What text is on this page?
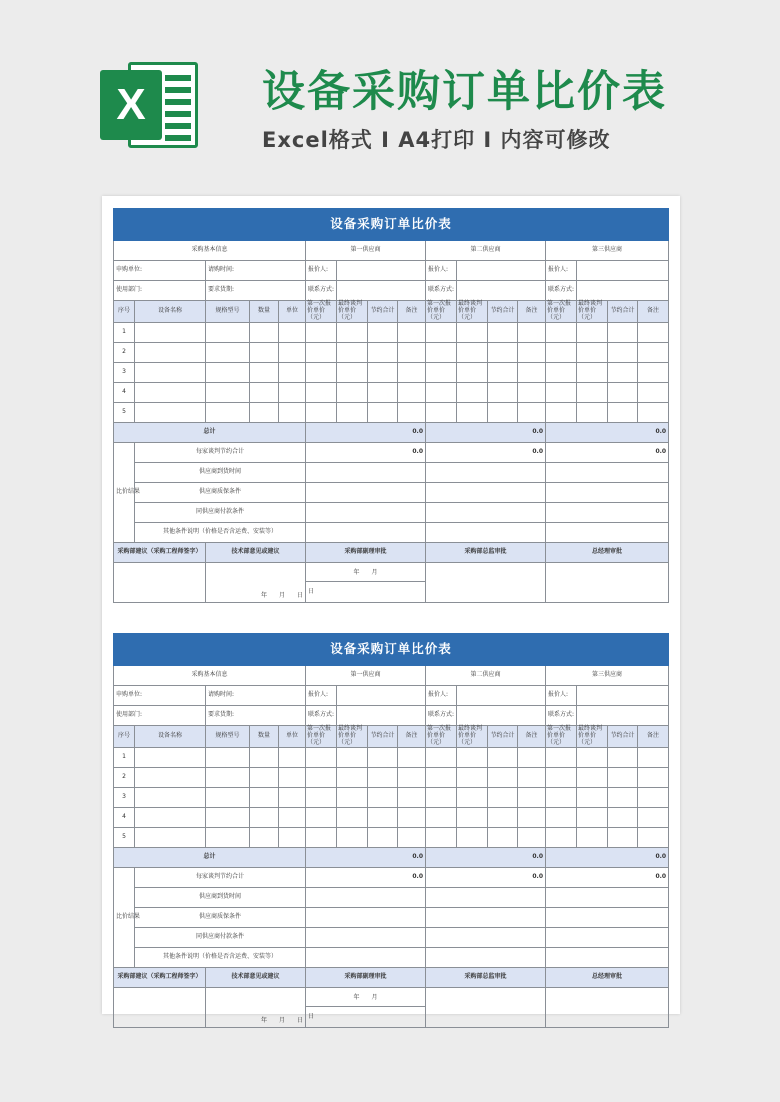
X	设备采购订单比价表
Excel格式 I A4打印 I 内容可修改
设备采购订单比价表																
采购基本信息					第一供应商				第二供应商				第三供应商			
申购单位:		请购时间:			报价人:				报价人:				报价人:			
使用部门:		要求货期:			联系方式:				联系方式:				联系方式:			
序号	设备名称	规格型号	数量	单位	第一次报价单价（元）	最终谈判价单价（元）	节约合计	备注	第一次报价单价（元）	最终谈判价单价（元）	节约合计	备注	第一次报价单价（元）	最终谈判价单价（元）	节约合计	备注
1																
2																
3																
4																
5																
总计					0.0				0.0				0.0			
比价结果	每家谈判节约合计				0.0				0.0				0.0			
	供应商到货时间															
	供应商质保条件															
	同供应商付款条件															
	其他条件说明（价格是否含运费、安装等）															
采购部建议（采购工程师签字）		技术部意见或建议			采购部副理审批				采购部总监审批				总经理审批			
		年　　月　　日			年　　月
日											

设备采购订单比价表																
采购基本信息					第一供应商				第二供应商				第三供应商			
申购单位:		请购时间:			报价人:				报价人:				报价人:			
使用部门:		要求货期:			联系方式:				联系方式:				联系方式:			
序号	设备名称	规格型号	数量	单位	第一次报价单价（元）	最终谈判价单价（元）	节约合计	备注	第一次报价单价（元）	最终谈判价单价（元）	节约合计	备注	第一次报价单价（元）	最终谈判价单价（元）	节约合计	备注
1																
2																
3																
4																
5																
总计					0.0				0.0				0.0			
比价结果	每家谈判节约合计				0.0				0.0				0.0			
	供应商到货时间															
	供应商质保条件															
	同供应商付款条件															
	其他条件说明（价格是否含运费、安装等）															
采购部建议（采购工程师签字）		技术部意见或建议			采购部副理审批				采购部总监审批				总经理审批			
		年　　月　　日			年　　月
日											
